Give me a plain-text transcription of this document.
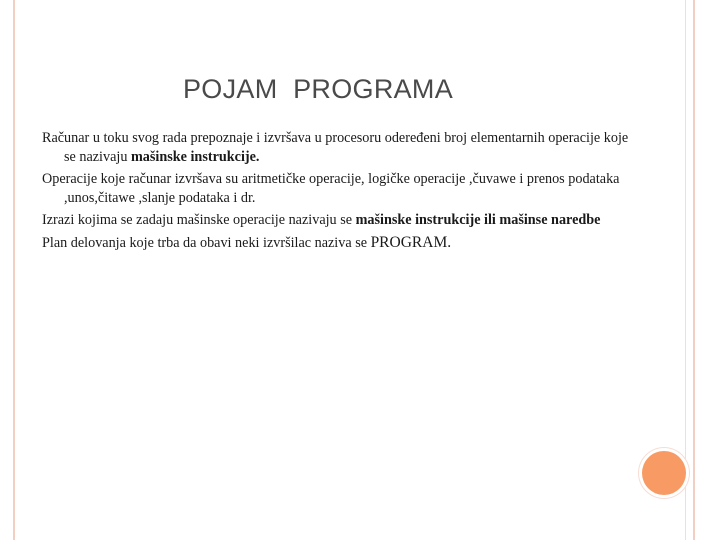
POJAM  PROGRAMA

Računar u toku svog rada prepoznaje i izvršava u procesoru odeređeni broj elementarnih operacije koje se nazivaju mašinske instrukcije.

Operacije koje računar izvršava su aritmetičke operacije, logičke operacije ,čuvawe i prenos podataka ,unos,čitawe ,slanje podataka i dr.

Izrazi kojima se zadaju mašinske operacije nazivaju se mašinske instrukcije ili mašinse naredbe

Plan delovanja koje trba da obavi neki izvršilac naziva se PROGRAM.
